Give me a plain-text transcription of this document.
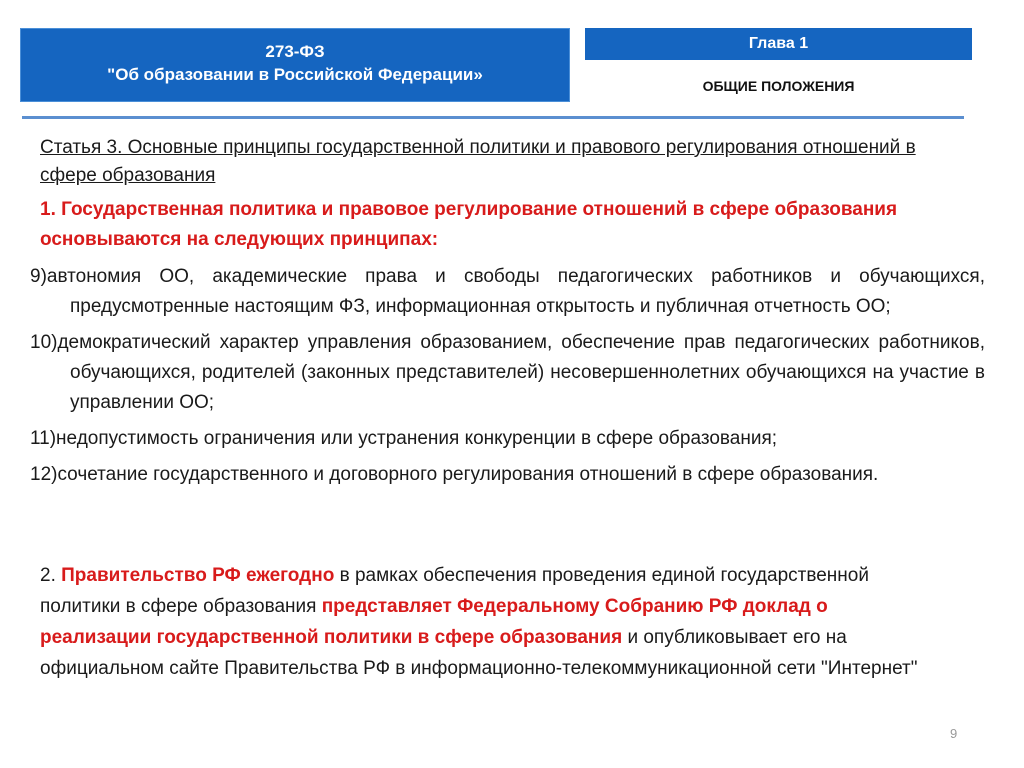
273-ФЗ
"Об образовании в Российской Федерации»
Глава 1
ОБЩИЕ ПОЛОЖЕНИЯ
Статья 3. Основные принципы государственной политики и правового регулирования отношений в сфере образования
1. Государственная политика и правовое регулирование отношений в сфере образования основываются на следующих принципах:
9)автономия ОО, академические права и свободы педагогических работников и обучающихся, предусмотренные настоящим ФЗ, информационная открытость и публичная отчетность ОО;
10)демократический характер управления образованием, обеспечение прав педагогических работников, обучающихся, родителей (законных представителей) несовершеннолетних обучающихся на участие в управлении ОО;
11)недопустимость ограничения или устранения конкуренции в сфере образования;
12)сочетание государственного и договорного регулирования отношений в сфере образования.
2. Правительство РФ ежегодно в рамках обеспечения проведения единой государственной политики в сфере образования представляет Федеральному Собранию РФ доклад о реализации государственной политики в сфере образования и опубликовывает его на официальном сайте Правительства РФ в информационно-телекоммуникационной сети "Интернет"
9
